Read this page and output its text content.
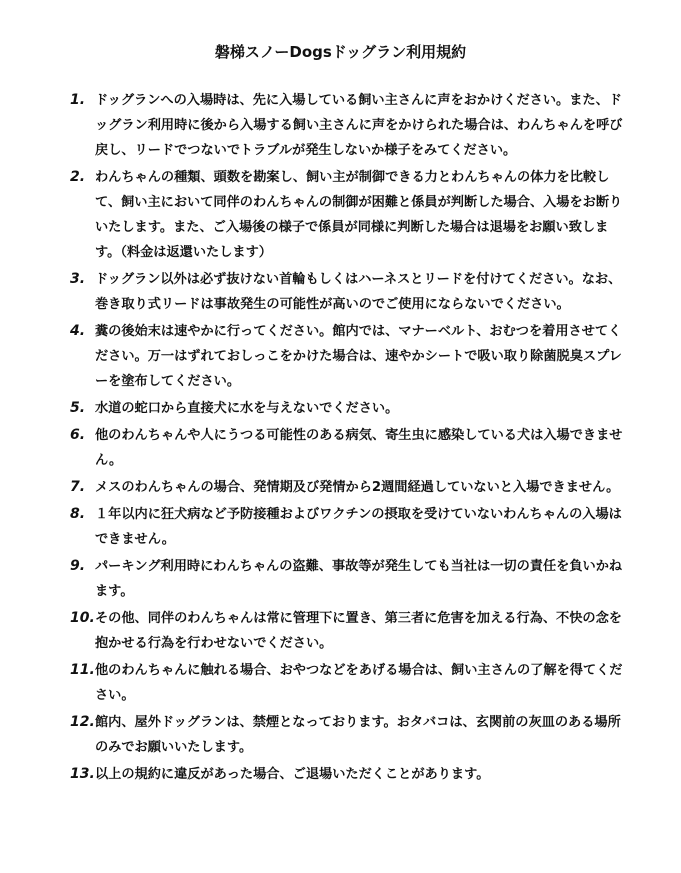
磐梯スノーDogsドッグラン利用規約
1. ドッグランへの入場時は、先に入場している飼い主さんに声をおかけください。また、ドッグラン利用時に後から入場する飼い主さんに声をかけられた場合は、わんちゃんを呼び戻し、リードでつないでトラブルが発生しないか様子をみてください。
2. わんちゃんの種類、頭数を勘案し、飼い主が制御できる力とわんちゃんの体力を比較して、飼い主において同伴のわんちゃんの制御が困難と係員が判断した場合、入場をお断りいたします。また、ご入場後の様子で係員が同様に判断した場合は退場をお願い致します。（料金は返還いたします）
3. ドッグラン以外は必ず抜けない首輪もしくはハーネスとリードを付けてください。なお、巻き取り式リードは事故発生の可能性が高いのでご使用にならないでください。
4. 糞の後始末は速やかに行ってください。館内では、マナーベルト、おむつを着用させてください。万一はずれておしっこをかけた場合は、速やかシートで吸い取り除菌脱臭スプレーを塗布してください。
5. 水道の蛇口から直接犬に水を与えないでください。
6. 他のわんちゃんや人にうつる可能性のある病気、寄生虫に感染している犬は入場できません。
7. メスのわんちゃんの場合、発情期及び発情から2週間経過していないと入場できません。
8. １年以内に狂犬病など予防接種およびワクチンの摂取を受けていないわんちゃんの入場はできません。
9. パーキング利用時にわんちゃんの盗難、事故等が発生しても当社は一切の責任を負いかねます。
10. その他、同伴のわんちゃんは常に管理下に置き、第三者に危害を加える行為、不快の念を抱かせる行為を行わせないでください。
11. 他のわんちゃんに触れる場合、おやつなどをあげる場合は、飼い主さんの了解を得てください。
12. 館内、屋外ドッグランは、禁煙となっております。おタバコは、玄関前の灰皿のある場所のみでお願いいたします。
13. 以上の規約に違反があった場合、ご退場いただくことがあります。
